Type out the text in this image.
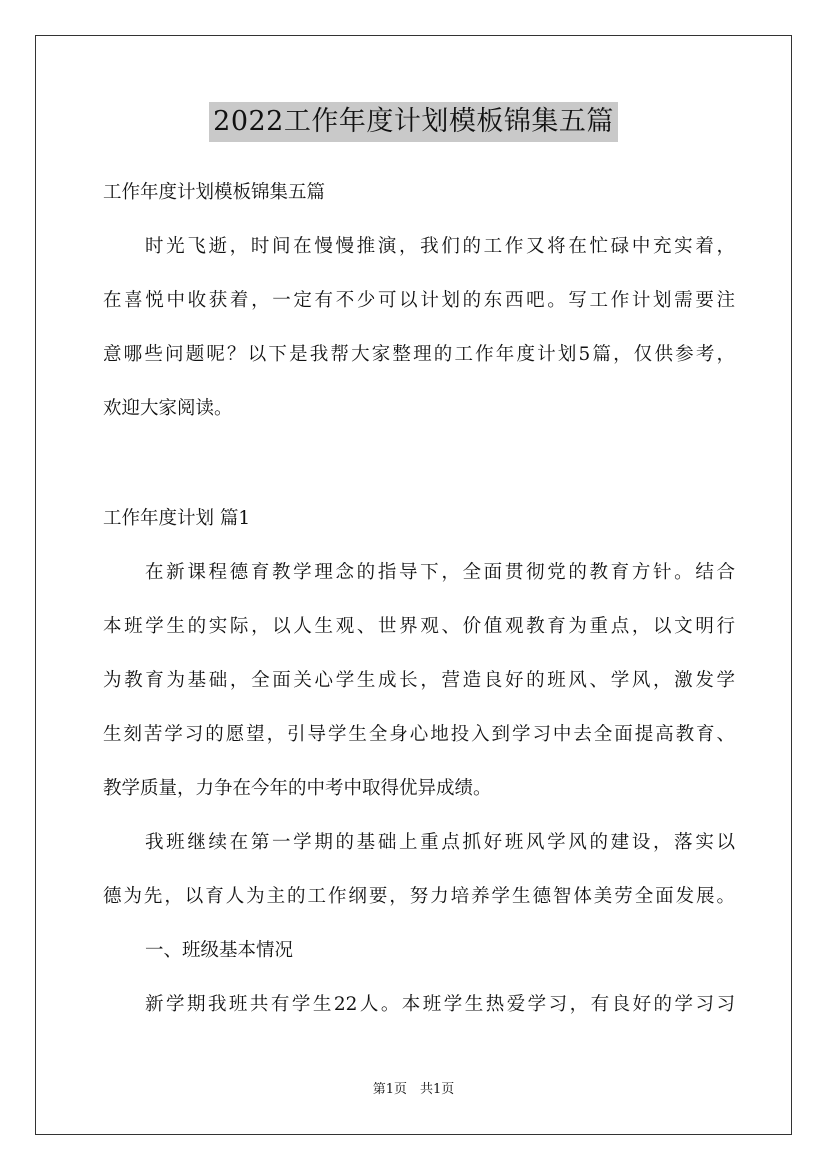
2022工作年度计划模板锦集五篇
工作年度计划模板锦集五篇
时光飞逝，时间在慢慢推演，我们的工作又将在忙碌中充实着，
在喜悦中收获着，一定有不少可以计划的东西吧。写工作计划需要注
意哪些问题呢？以下是我帮大家整理的工作年度计划5篇，仅供参考，
欢迎大家阅读。
工作年度计划 篇1
在新课程德育教学理念的指导下，全面贯彻党的教育方针。结合
本班学生的实际，以人生观、世界观、价值观教育为重点，以文明行
为教育为基础，全面关心学生成长，营造良好的班风、学风，激发学
生刻苦学习的愿望，引导学生全身心地投入到学习中去全面提高教育、
教学质量，力争在今年的中考中取得优异成绩。
我班继续在第一学期的基础上重点抓好班风学风的建设，落实以
德为先，以育人为主的工作纲要，努力培养学生德智体美劳全面发展。
一、班级基本情况
新学期我班共有学生22人。本班学生热爱学习，有良好的学习习
第1页　共1页
